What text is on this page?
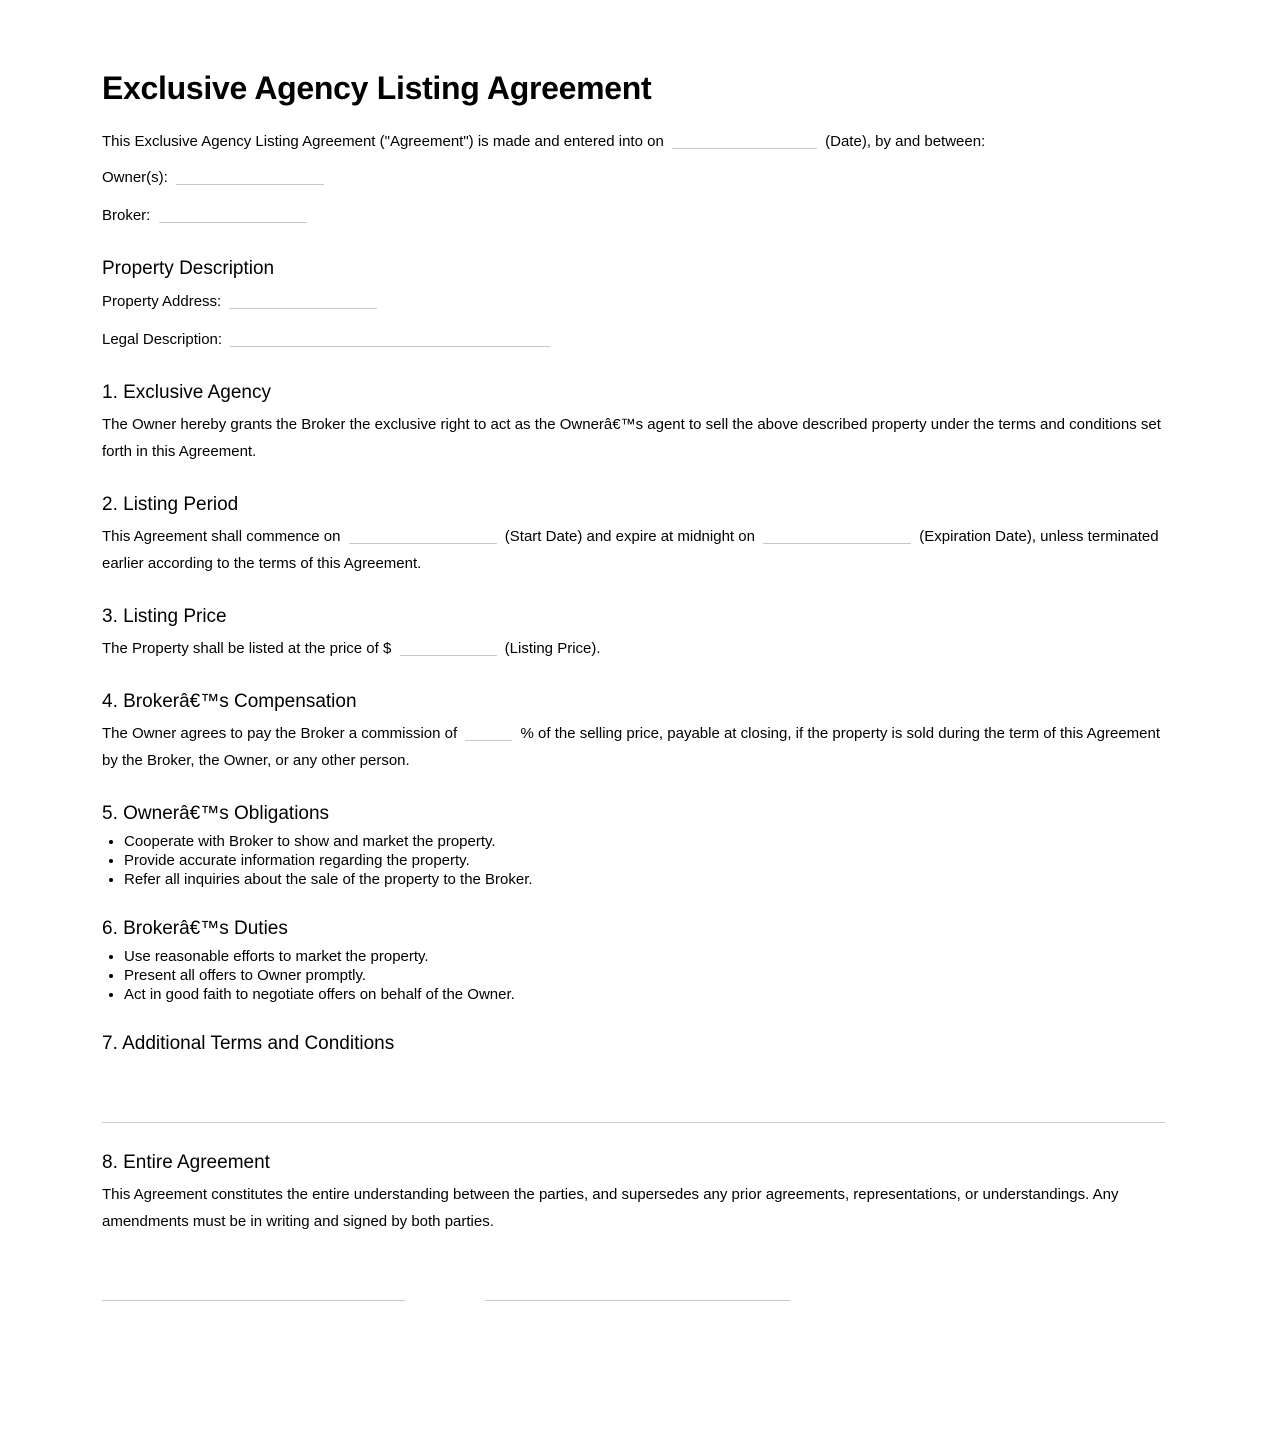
Exclusive Agency Listing Agreement

This Exclusive Agency Listing Agreement ("Agreement") is made and entered into on	(Date), by and between:

Owner(s):
Broker:
Property Description
Property Address:
Legal Description:
1. Exclusive Agency

The Owner hereby grants the Broker the exclusive right to act as the Ownerâ€™s agent to sell the above described property under the terms and conditions set forth in this Agreement.

2. Listing Period

This Agreement shall commence on	(Start Date) and expire at midnight on	(Expiration Date), unless terminated earlier according to the terms of this Agreement.

3. Listing Price

The Property shall be listed at the price of $	(Listing Price).

4. Brokerâ€™s Compensation

The Owner agrees to pay the Broker a commission of	% of the selling price, payable at closing, if the property is sold during the term of this Agreement by the Broker, the Owner, or any other person.

5. Ownerâ€™s Obligations
• Cooperate with Broker to show and market the property.
• Provide accurate information regarding the property.
• Refer all inquiries about the sale of the property to the Broker.
6. Brokerâ€™s Duties
• Use reasonable efforts to market the property.
• Present all offers to Owner promptly.
• Act in good faith to negotiate offers on behalf of the Owner.
7. Additional Terms and Conditions
8. Entire Agreement

This Agreement constitutes the entire understanding between the parties, and supersedes any prior agreements, representations, or understandings. Any amendments must be in writing and signed by both parties.
